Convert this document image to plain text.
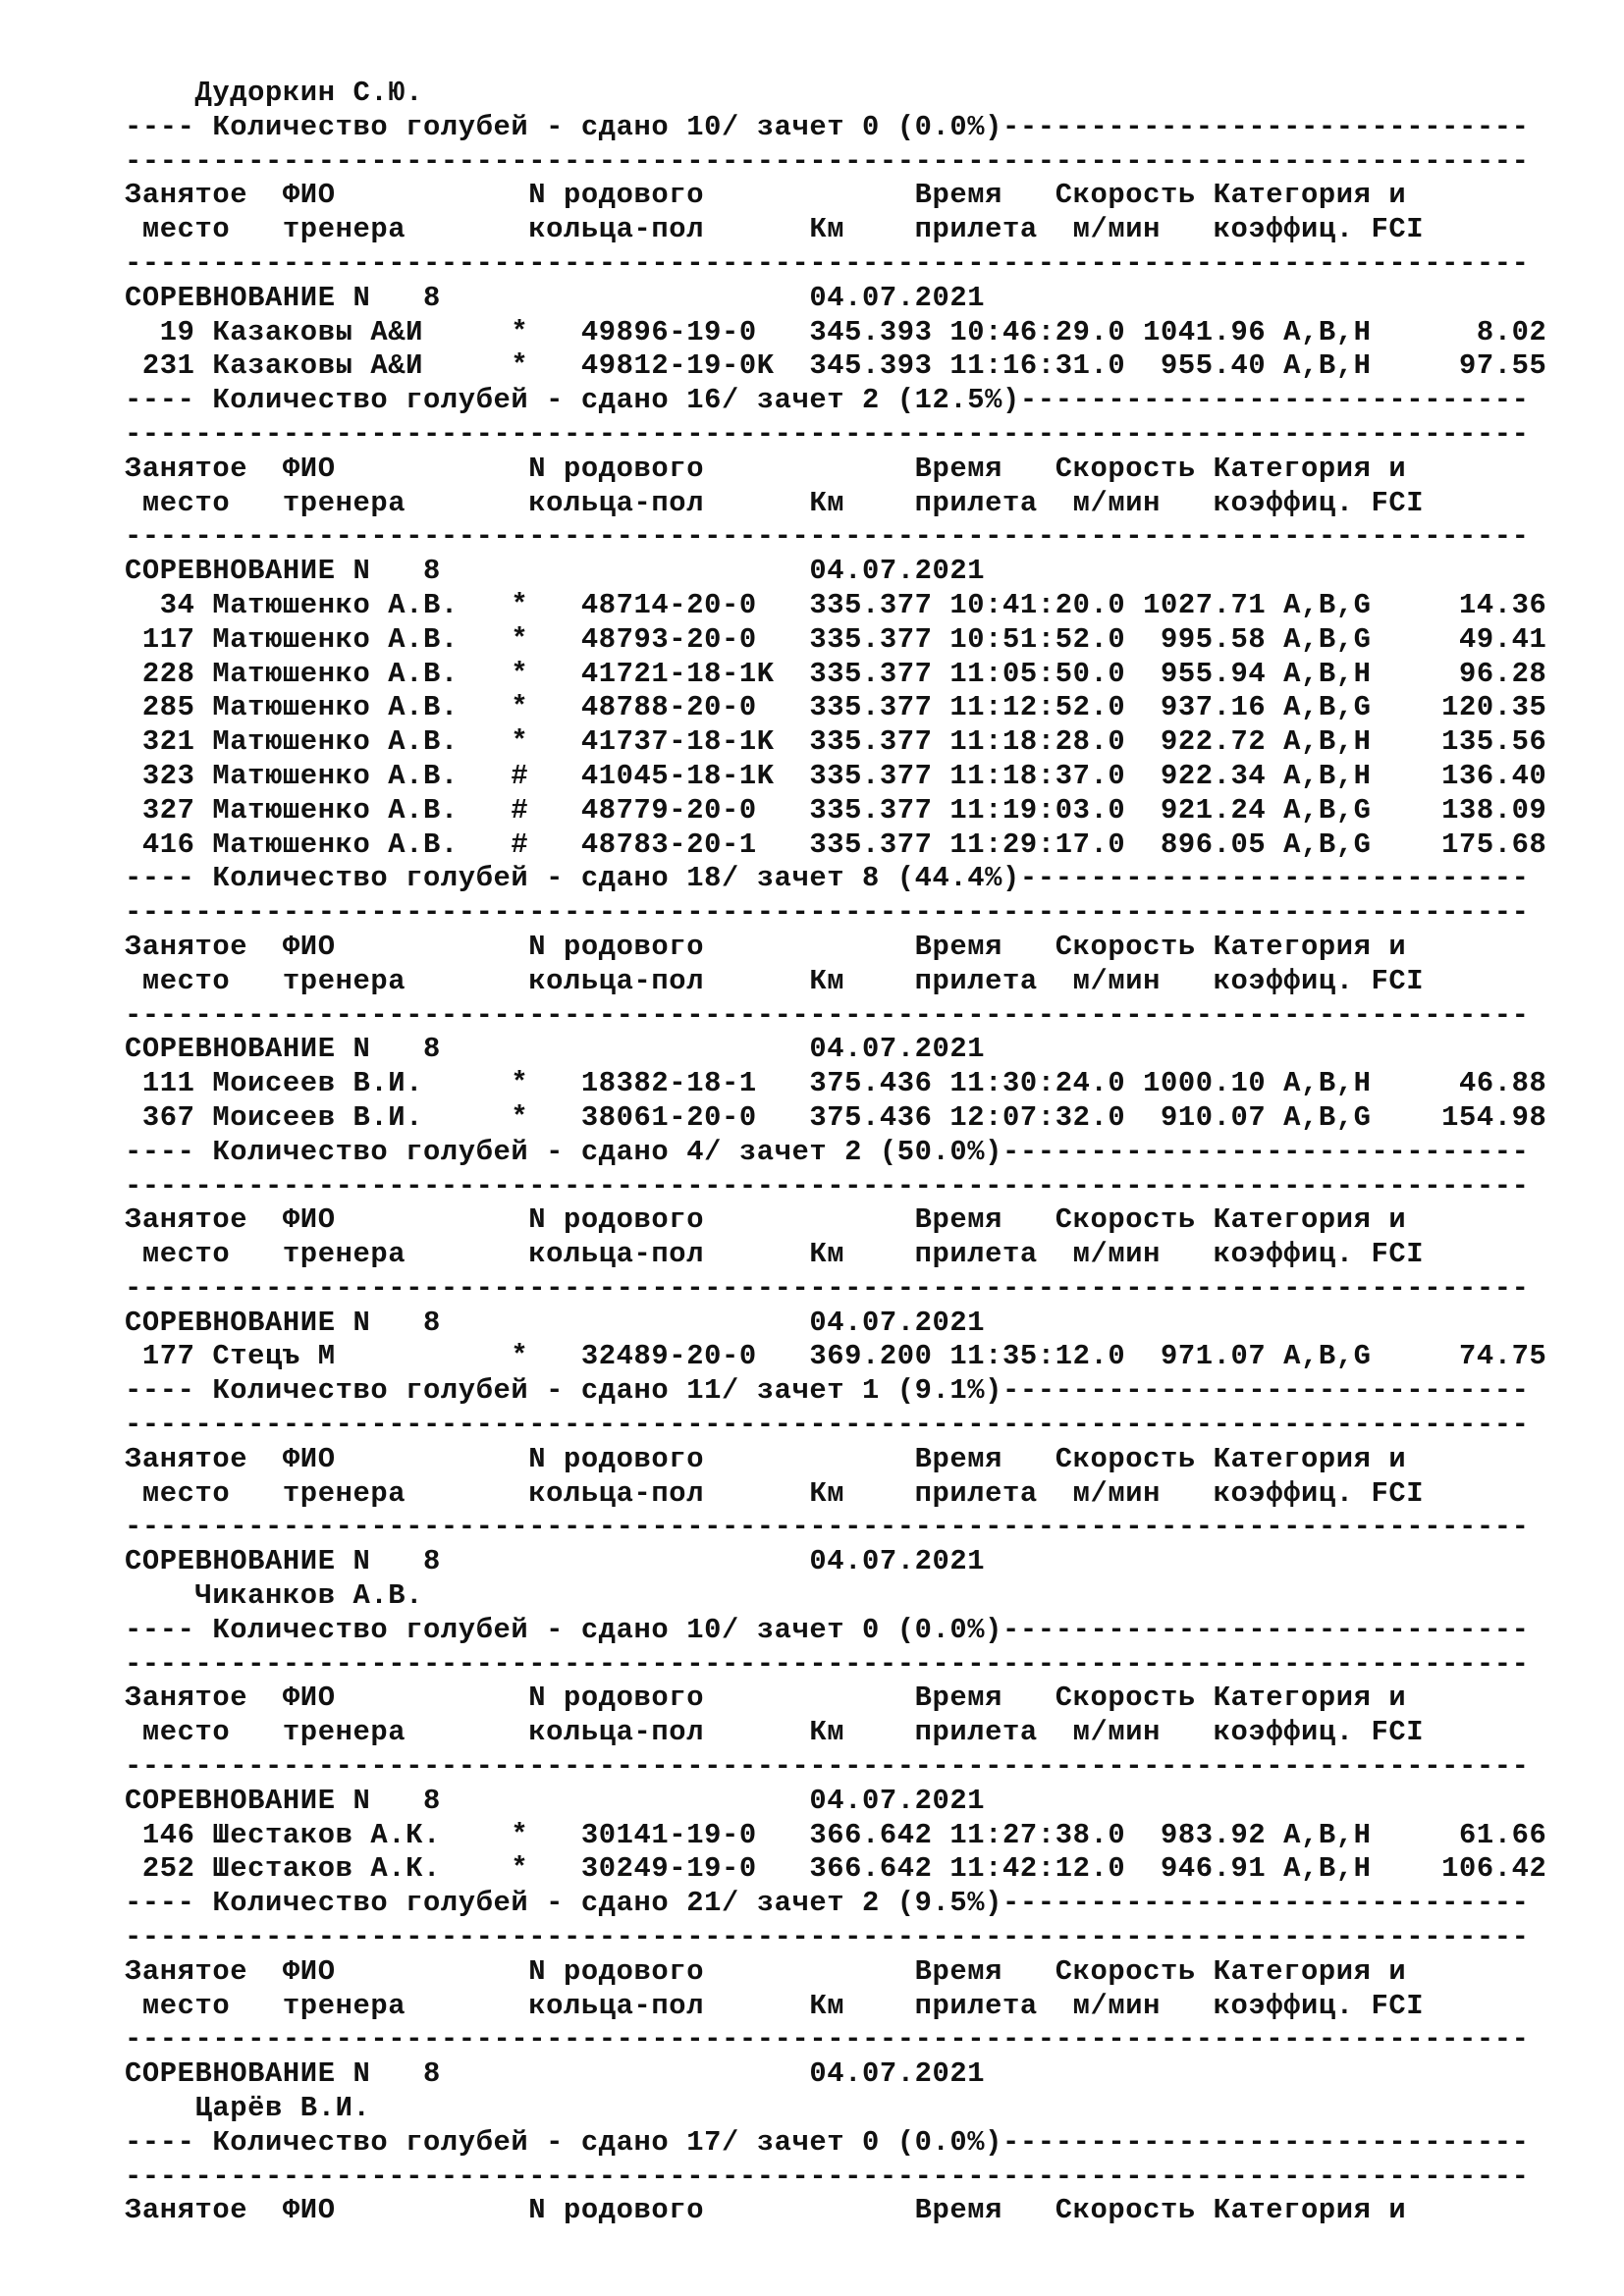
Дудоркин С.Ю.
---- Количество голубей - сдано 10/ зачет 0 (0.0%)------------------------------
--------------------------------------------------------------------------------
Занятое  ФИО           N родового            Время   Скорость Категория и
место   тренера       кольца-пол      Км    прилета  м/мин   коэффиц. FCI
--------------------------------------------------------------------------------
СОРЕВНОВАНИЕ N   8                     04.07.2021
19 Казаковы А&И     *   49896-19-0   345.393 10:46:29.0 1041.96 A,B,H      8.02
231 Казаковы А&И     *   49812-19-0K  345.393 11:16:31.0  955.40 A,B,H     97.55
---- Количество голубей - сдано 16/ зачет 2 (12.5%)-----------------------------
--------------------------------------------------------------------------------
Занятое  ФИО           N родового            Время   Скорость Категория и
место   тренера       кольца-пол      Км    прилета  м/мин   коэффиц. FCI
--------------------------------------------------------------------------------
СОРЕВНОВАНИЕ N   8                     04.07.2021
34 Матюшенко А.В.   *   48714-20-0   335.377 10:41:20.0 1027.71 A,B,G     14.36
117 Матюшенко А.В.   *   48793-20-0   335.377 10:51:52.0  995.58 A,B,G     49.41
228 Матюшенко А.В.   *   41721-18-1K  335.377 11:05:50.0  955.94 A,B,H     96.28
285 Матюшенко А.В.   *   48788-20-0   335.377 11:12:52.0  937.16 A,B,G    120.35
321 Матюшенко А.В.   *   41737-18-1K  335.377 11:18:28.0  922.72 A,B,H    135.56
323 Матюшенко А.В.   #   41045-18-1K  335.377 11:18:37.0  922.34 A,B,H    136.40
327 Матюшенко А.В.   #   48779-20-0   335.377 11:19:03.0  921.24 A,B,G    138.09
416 Матюшенко А.В.   #   48783-20-1   335.377 11:29:17.0  896.05 A,B,G    175.68
---- Количество голубей - сдано 18/ зачет 8 (44.4%)-----------------------------
--------------------------------------------------------------------------------
Занятое  ФИО           N родового            Время   Скорость Категория и
место   тренера       кольца-пол      Км    прилета  м/мин   коэффиц. FCI
--------------------------------------------------------------------------------
СОРЕВНОВАНИЕ N   8                     04.07.2021
111 Моисеев В.И.     *   18382-18-1   375.436 11:30:24.0 1000.10 A,B,H     46.88
367 Моисеев В.И.     *   38061-20-0   375.436 12:07:32.0  910.07 A,B,G    154.98
---- Количество голубей - сдано 4/ зачет 2 (50.0%)------------------------------
--------------------------------------------------------------------------------
Занятое  ФИО           N родового            Время   Скорость Категория и
место   тренера       кольца-пол      Км    прилета  м/мин   коэффиц. FCI
--------------------------------------------------------------------------------
СОРЕВНОВАНИЕ N   8                     04.07.2021
177 Стецъ М          *   32489-20-0   369.200 11:35:12.0  971.07 A,B,G     74.75
---- Количество голубей - сдано 11/ зачет 1 (9.1%)------------------------------
--------------------------------------------------------------------------------
Занятое  ФИО           N родового            Время   Скорость Категория и
место   тренера       кольца-пол      Км    прилета  м/мин   коэффиц. FCI
--------------------------------------------------------------------------------
СОРЕВНОВАНИЕ N   8                     04.07.2021
Чиканков А.В.
---- Количество голубей - сдано 10/ зачет 0 (0.0%)------------------------------
--------------------------------------------------------------------------------
Занятое  ФИО           N родового            Время   Скорость Категория и
место   тренера       кольца-пол      Км    прилета  м/мин   коэффиц. FCI
--------------------------------------------------------------------------------
СОРЕВНОВАНИЕ N   8                     04.07.2021
146 Шестаков А.К.    *   30141-19-0   366.642 11:27:38.0  983.92 A,B,H     61.66
252 Шестаков А.К.    *   30249-19-0   366.642 11:42:12.0  946.91 A,B,H    106.42
---- Количество голубей - сдано 21/ зачет 2 (9.5%)------------------------------
--------------------------------------------------------------------------------
Занятое  ФИО           N родового            Время   Скорость Категория и
место   тренера       кольца-пол      Км    прилета  м/мин   коэффиц. FCI
--------------------------------------------------------------------------------
СОРЕВНОВАНИЕ N   8                     04.07.2021
Царёв В.И.
---- Количество голубей - сдано 17/ зачет 0 (0.0%)------------------------------
--------------------------------------------------------------------------------
Занятое  ФИО           N родового            Время   Скорость Категория и
